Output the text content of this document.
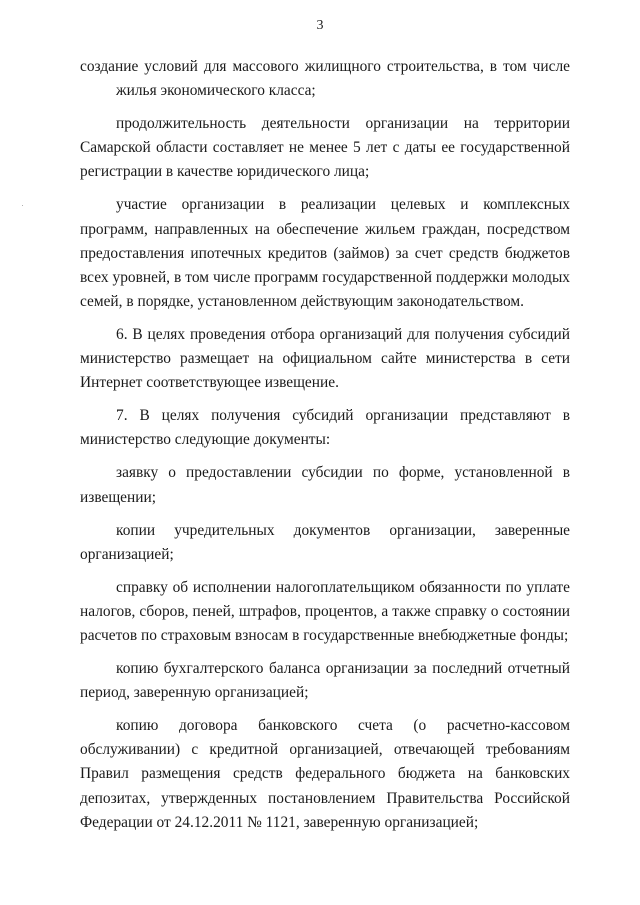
3
создание условий для массового жилищного строительства, в том числе
жилья экономического класса;
продолжительность деятельности организации на территории
Самарской области составляет не менее 5 лет с даты ее государственной
регистрации в качестве юридического лица;
участие организации в реализации целевых и комплексных
программ, направленных на обеспечение жильем граждан, посредством
предоставления ипотечных кредитов (займов) за счет средств бюджетов
всех уровней, в том числе программ государственной поддержки молодых
семей, в порядке, установленном действующим законодательством.
6. В целях проведения отбора организаций для получения субсидий
министерство размещает на официальном сайте министерства в сети
Интернет соответствующее извещение.
7. В целях получения субсидий организации представляют в
министерство следующие документы:
заявку о предоставлении субсидии по форме, установленной в
извещении;
копии учредительных документов организации, заверенные
организацией;
справку об исполнении налогоплательщиком обязанности по уплате
налогов, сборов, пеней, штрафов, процентов, а также справку о состоянии
расчетов по страховым взносам в государственные внебюджетные фонды;
копию бухгалтерского баланса организации за последний отчетный
период, заверенную организацией;
копию договора банковского счета (о расчетно-кассовом
обслуживании) с кредитной организацией, отвечающей требованиям
Правил размещения средств федерального бюджета на банковских
депозитах, утвержденных постановлением Правительства Российской
Федерации от 24.12.2011 № 1121, заверенную организацией;
